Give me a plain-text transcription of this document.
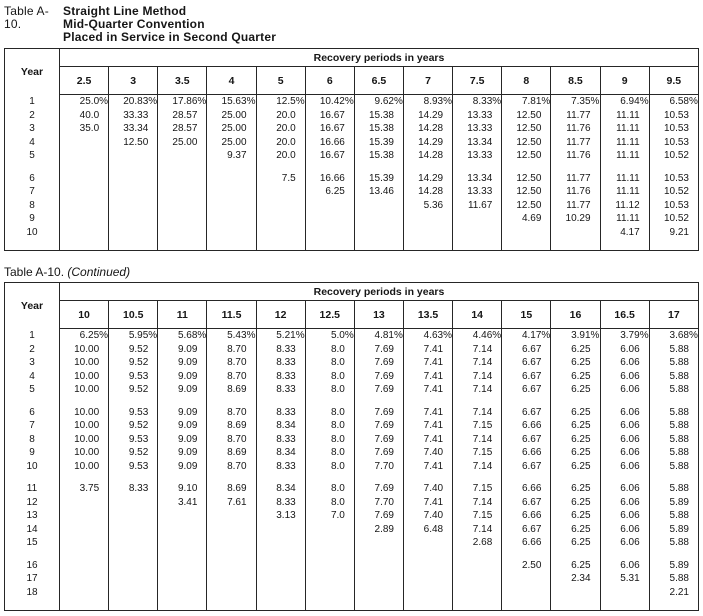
Table A-10.
Straight Line Method
Mid-Quarter Convention
Placed in Service in Second Quarter
Year	Recovery periods in years												
	2.5	3	3.5	4	5	6	6.5	7	7.5	8	8.5	9	9.5
1	25.0%	20.83%	17.86%	15.63%	12.5%	10.42%	9.62%	8.93%	8.33%	7.81%	7.35%	6.94%	6.58%
2	40.0	33.33	28.57	25.00	20.0	16.67	15.38	14.29	13.33	12.50	11.77	11.11	10.53
3	35.0	33.34	28.57	25.00	20.0	16.67	15.38	14.28	13.33	12.50	11.76	11.11	10.53
4		12.50	25.00	25.00	20.0	16.66	15.39	14.29	13.34	12.50	11.77	11.11	10.53
5				9.37	20.0	16.67	15.38	14.28	13.33	12.50	11.76	11.11	10.52

6					7.5	16.66	15.39	14.29	13.34	12.50	11.77	11.11	10.53
7						6.25	13.46	14.28	13.33	12.50	11.76	11.11	10.52
8								5.36	11.67	12.50	11.77	11.12	10.53
9										4.69	10.29	11.11	10.52
10												4.17	9.21

Table A-10. (Continued)
Year	Recovery periods in years												
	10	10.5	11	11.5	12	12.5	13	13.5	14	15	16	16.5	17
1	6.25%	5.95%	5.68%	5.43%	5.21%	5.0%	4.81%	4.63%	4.46%	4.17%	3.91%	3.79%	3.68%
2	10.00	9.52	9.09	8.70	8.33	8.0	7.69	7.41	7.14	6.67	6.25	6.06	5.88
3	10.00	9.52	9.09	8.70	8.33	8.0	7.69	7.41	7.14	6.67	6.25	6.06	5.88
4	10.00	9.53	9.09	8.70	8.33	8.0	7.69	7.41	7.14	6.67	6.25	6.06	5.88
5	10.00	9.52	9.09	8.69	8.33	8.0	7.69	7.41	7.14	6.67	6.25	6.06	5.88

6	10.00	9.53	9.09	8.70	8.33	8.0	7.69	7.41	7.14	6.67	6.25	6.06	5.88
7	10.00	9.52	9.09	8.69	8.34	8.0	7.69	7.41	7.15	6.66	6.25	6.06	5.88
8	10.00	9.53	9.09	8.70	8.33	8.0	7.69	7.41	7.14	6.67	6.25	6.06	5.88
9	10.00	9.52	9.09	8.69	8.34	8.0	7.69	7.40	7.15	6.66	6.25	6.06	5.88
10	10.00	9.53	9.09	8.70	8.33	8.0	7.70	7.41	7.14	6.67	6.25	6.06	5.88

11	3.75	8.33	9.10	8.69	8.34	8.0	7.69	7.40	7.15	6.66	6.25	6.06	5.88
12			3.41	7.61	8.33	8.0	7.70	7.41	7.14	6.67	6.25	6.06	5.89
13					3.13	7.0	7.69	7.40	7.15	6.66	6.25	6.06	5.88
14							2.89	6.48	7.14	6.67	6.25	6.06	5.89
15									2.68	6.66	6.25	6.06	5.88

16										2.50	6.25	6.06	5.89
17											2.34	5.31	5.88
18													2.21
